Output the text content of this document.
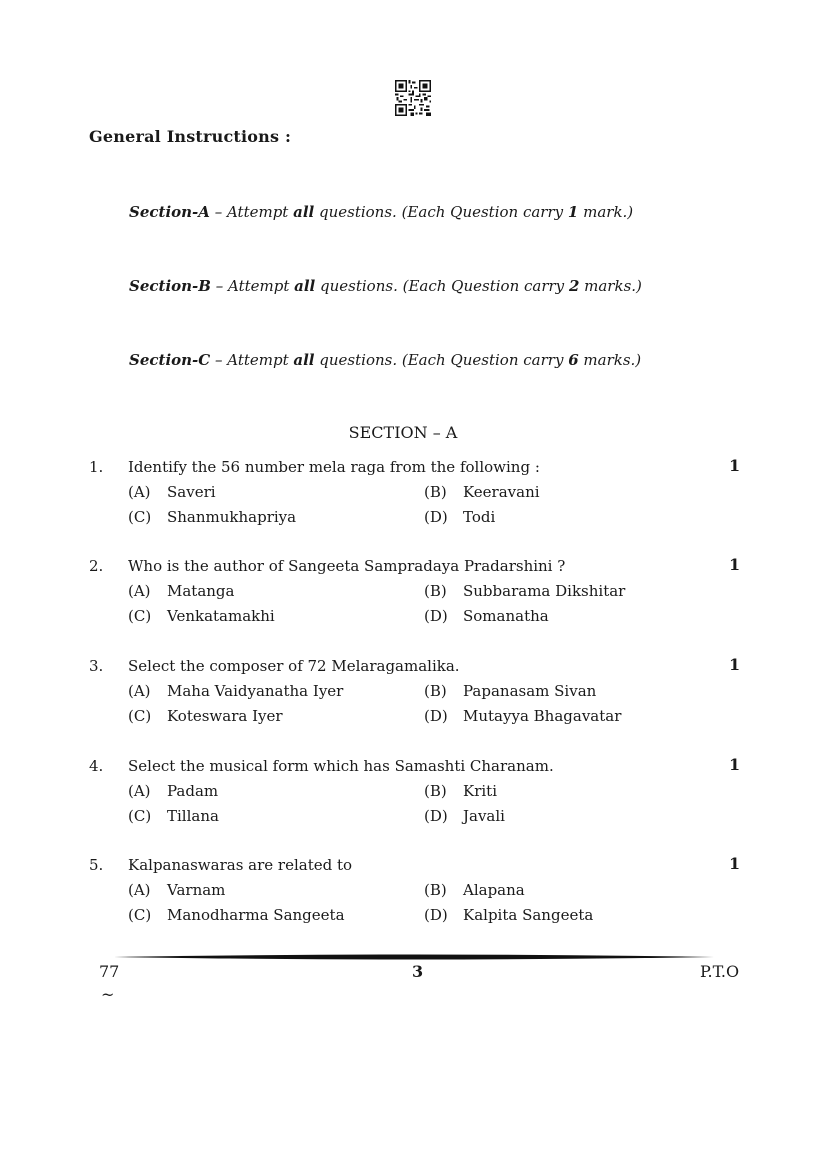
General Instructions :
Section-A – Attempt all questions. (Each Question carry 1 mark.)
Section-B – Attempt all questions. (Each Question carry 2 marks.)
Section-C – Attempt all questions. (Each Question carry 6 marks.)
SECTION – A
1. Identify the 56 number mela raga from the following :	1
(A) Saveri	(B) Keeravani
(C) Shanmukhapriya	(D) Todi
2. Who is the author of Sangeeta Sampradaya Pradarshini ?	1
(A) Matanga	(B) Subbarama Dikshitar
(C) Venkatamakhi	(D) Somanatha
3. Select the composer of 72 Melaragamalika.	1
(A) Maha Vaidyanatha Iyer	(B) Papanasam Sivan
(C) Koteswara Iyer	(D) Mutayya Bhagavatar
4. Select the musical form which has Samashti Charanam.	1
(A) Padam	(B) Kriti
(C) Tillana	(D) Javali
5. Kalpanaswaras are related to	1
(A) Varnam	(B) Alapana
(C) Manodharma Sangeeta	(D) Kalpita Sangeeta
77	3	P.T.O
~
